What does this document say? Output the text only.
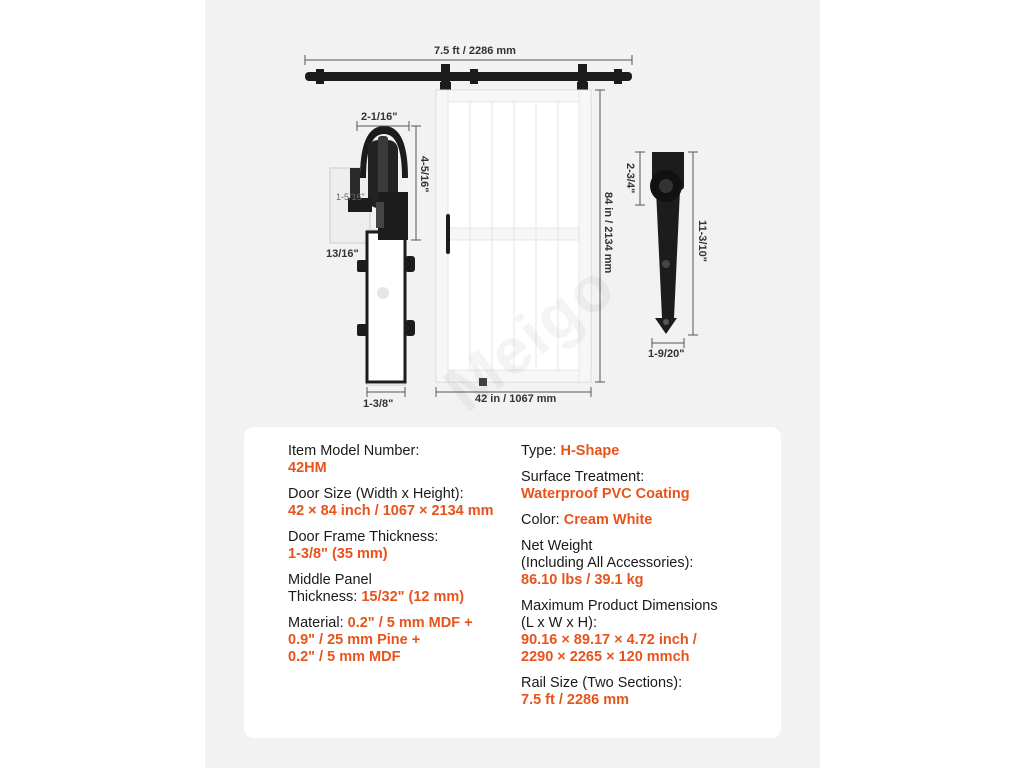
7.5 ft / 2286 mm
2-1/16"
4-5/16"
1-5/16"
13/16"
1-3/8"	42 in / 1067 mm
84 in / 2134 mm
2-3/4"
11-3/10"
1-9/20"
Item Model Number:
42HM
Door Size (Width x Height):
42 × 84 inch / 1067 × 2134 mm
Door Frame Thickness:
1-3/8" (35 mm)
Middle Panel
Thickness: 15/32" (12 mm)
Material: 0.2" / 5 mm MDF +
0.9" / 25 mm Pine +
0.2" / 5 mm MDF
Type: H-Shape
Surface Treatment:
Waterproof PVC Coating
Color: Cream White
Net Weight
(Including All Accessories):
86.10 lbs / 39.1 kg
Maximum Product Dimensions
(L x W x H):
90.16 × 89.17 × 4.72 inch /
2290 × 2265 × 120 mmch
Rail Size (Two Sections):
7.5 ft / 2286 mm
